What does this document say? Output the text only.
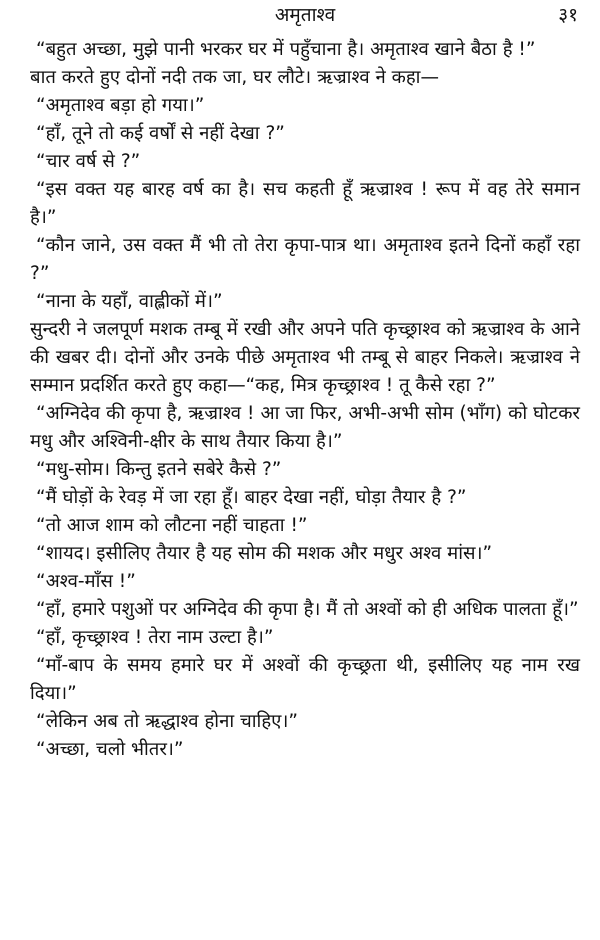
अमृताश्व	३१

“बहुत अच्छा, मुझे पानी भरकर घर में पहुँचाना है। अमृताश्व खाने बैठा है !”

बात करते हुए दोनों नदी तक जा, घर लौटे। ऋज्राश्व ने कहा—

“अमृताश्व बड़ा हो गया।”

“हाँ, तूने तो कई वर्षों से नहीं देखा ?”

“चार वर्ष से ?”

“इस वक्त यह बारह वर्ष का है। सच कहती हूँ ऋज्राश्व ! रूप में वह तेरे समान है।”

“कौन जाने, उस वक्त मैं भी तो तेरा कृपा-पात्र था। अमृताश्व इतने दिनों कहाँ रहा ?”

“नाना के यहाँ, वाह्लीकों में।”

सुन्दरी ने जलपूर्ण मशक तम्बू में रखी और अपने पति कृच्छ्राश्व को ऋज्राश्व के आने की खबर दी। दोनों और उनके पीछे अमृताश्व भी तम्बू से बाहर निकले। ऋज्राश्व ने सम्मान प्रदर्शित करते हुए कहा—“कह, मित्र कृच्छ्राश्व ! तू कैसे रहा ?”

“अग्निदेव की कृपा है, ऋज्राश्व ! आ जा फिर, अभी-अभी सोम (भाँग) को घोटकर मधु और अश्विनी-क्षीर के साथ तैयार किया है।”

“मधु-सोम। किन्तु इतने सबेरे कैसे ?”

“मैं घोड़ों के रेवड़ में जा रहा हूँ। बाहर देखा नहीं, घोड़ा तैयार है ?”

“तो आज शाम को लौटना नहीं चाहता !”

“शायद। इसीलिए तैयार है यह सोम की मशक और मधुर अश्व मांस।”

“अश्व-माँस !”

“हाँ, हमारे पशुओं पर अग्निदेव की कृपा है। मैं तो अश्वों को ही अधिक पालता हूँ।”

“हाँ, कृच्छ्राश्व ! तेरा नाम उल्टा है।”

“माँ-बाप के समय हमारे घर में अश्वों की कृच्छ्रता थी, इसीलिए यह नाम रख दिया।”

“लेकिन अब तो ऋद्धाश्व होना चाहिए।”

“अच्छा, चलो भीतर।”
